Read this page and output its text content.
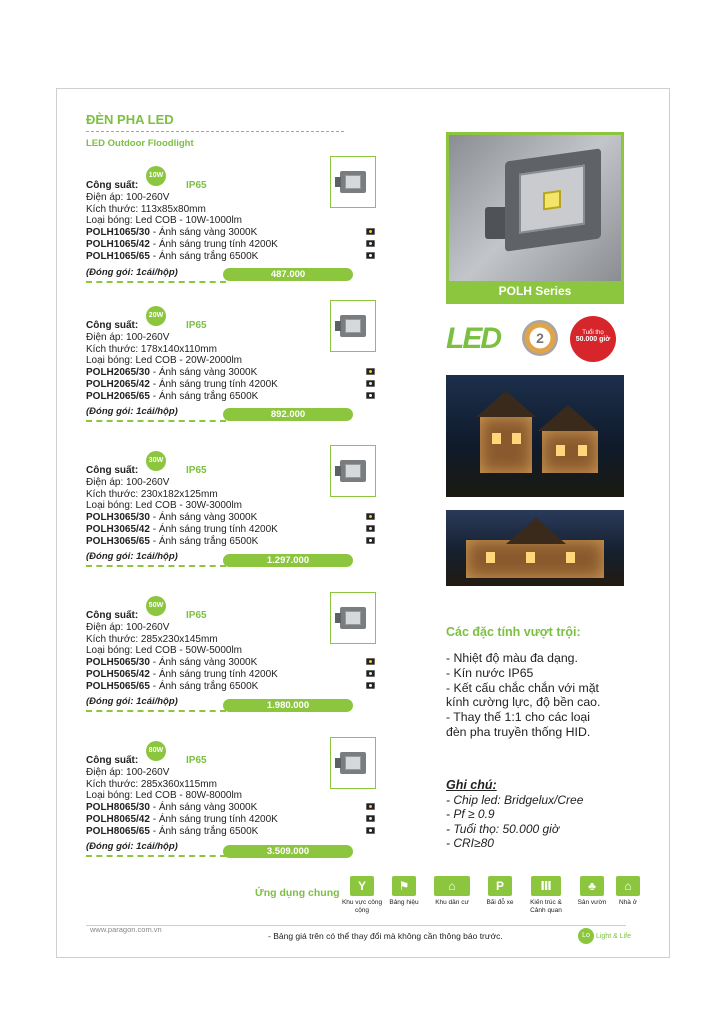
ĐÈN PHA LED
LED Outdoor Floodlight
Công suất:
10W
IP65
Điện áp: 100-260V
Kích thước: 113x85x80mm
Loại bóng: Led COB - 10W-1000lm
POLH1065/30 - Ánh sáng vàng 3000K
POLH1065/42 - Ánh sáng trung tính 4200K
POLH1065/65 - Ánh sáng trắng 6500K
(Đóng gói: 1cái/hộp)	487.000
Công suất:
20W
IP65
Điện áp: 100-260V
Kích thước: 178x140x110mm
Loại bóng: Led COB - 20W-2000lm
POLH2065/30 - Ánh sáng vàng 3000K
POLH2065/42 - Ánh sáng trung tính 4200K
POLH2065/65 - Ánh sáng trắng 6500K
(Đóng gói: 1cái/hộp)	892.000
Công suất:
30W
IP65
Điện áp: 100-260V
Kích thước: 230x182x125mm
Loại bóng: Led COB - 30W-3000lm
POLH3065/30 - Ánh sáng vàng 3000K
POLH3065/42 - Ánh sáng trung tính 4200K
POLH3065/65 - Ánh sáng trắng 6500K
(Đóng gói: 1cái/hộp)	1.297.000
Công suất:
50W
IP65
Điện áp: 100-260V
Kích thước: 285x230x145mm
Loại bóng: Led COB - 50W-5000lm
POLH5065/30 - Ánh sáng vàng 3000K
POLH5065/42 - Ánh sáng trung tính 4200K
POLH5065/65 - Ánh sáng trắng 6500K
(Đóng gói: 1cái/hộp)	1.980.000
Công suất:
80W
IP65
Điện áp: 100-260V
Kích thước: 285x360x115mm
Loại bóng: Led COB - 80W-8000lm
POLH8065/30 - Ánh sáng vàng 3000K
POLH8065/42 - Ánh sáng trung tính 4200K
POLH8065/65 - Ánh sáng trắng 6500K
(Đóng gói: 1cái/hộp)	3.509.000
POLH Series
LED	2	Tuổi thọ
50.000 giờ
Các đặc tính vượt trội:
- Nhiệt độ màu đa dạng.
- Kín nước IP65
- Kết cấu chắc chắn với mặt
kính cường lực, độ bền cao.
- Thay thế 1:1 cho các loại
đèn pha truyền thống HID.
Ghi chú:
- Chip led: Bridgelux/Cree
- Pf ≥ 0.9
- Tuổi thọ: 50.000 giờ
- CRI≥80
Ứng dụng chung	Y
Khu vực công cộng
⚑
Bảng hiệu
⌂
Khu dân cư
P
Bãi đỗ xe
Ⅲ
Kiến trúc & Cảnh quan
♣
Sân vườn
⌂
Nhà ở
www.paragon.com.vn
- Bảng giá trên có thể thay đổi mà không cần thông báo trước.	Lo Light & Life
